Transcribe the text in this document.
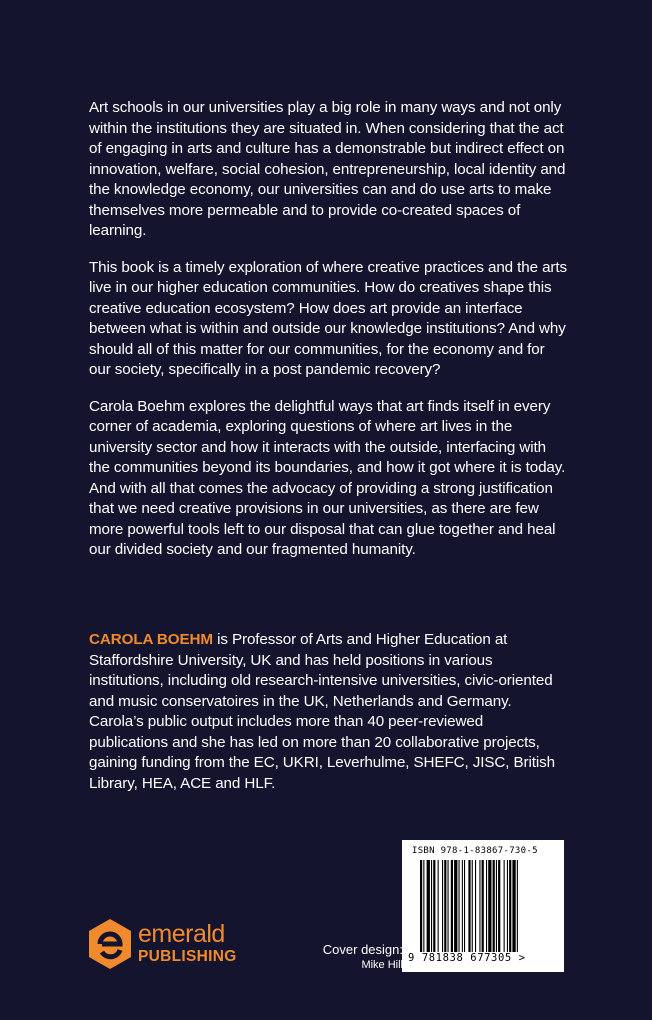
Art schools in our universities play a big role in many ways and not only within the institutions they are situated in. When considering that the act of engaging in arts and culture has a demonstrable but indirect effect on innovation, welfare, social cohesion, entrepreneurship, local identity and the knowledge economy, our universities can and do use arts to make themselves more permeable and to provide co-created spaces of learning.

This book is a timely exploration of where creative practices and the arts live in our higher education communities. How do creatives shape this creative education ecosystem? How does art provide an interface between what is within and outside our knowledge institutions? And why should all of this matter for our communities, for the economy and for our society, specifically in a post pandemic recovery?

Carola Boehm explores the delightful ways that art finds itself in every corner of academia, exploring questions of where art lives in the university sector and how it interacts with the outside, interfacing with the communities beyond its boundaries, and how it got where it is today. And with all that comes the advocacy of providing a strong justification that we need creative provisions in our universities, as there are few more powerful tools left to our disposal that can glue together and heal our divided society and our fragmented humanity.

CAROLA BOEHM is Professor of Arts and Higher Education at Staffordshire University, UK and has held positions in various institutions, including old research-intensive universities, civic-oriented and music conservatoires in the UK, Netherlands and Germany. Carola’s public output includes more than 40 peer-reviewed publications and she has led on more than 20 collaborative projects, gaining funding from the EC, UKRI, Leverhulme, SHEFC, JISC, British Library, HEA, ACE and HLF.

ISBN 978-1-83867-730-5
9 781838 677305 >
emerald
PUBLISHING	Cover design:
Mike Hill
